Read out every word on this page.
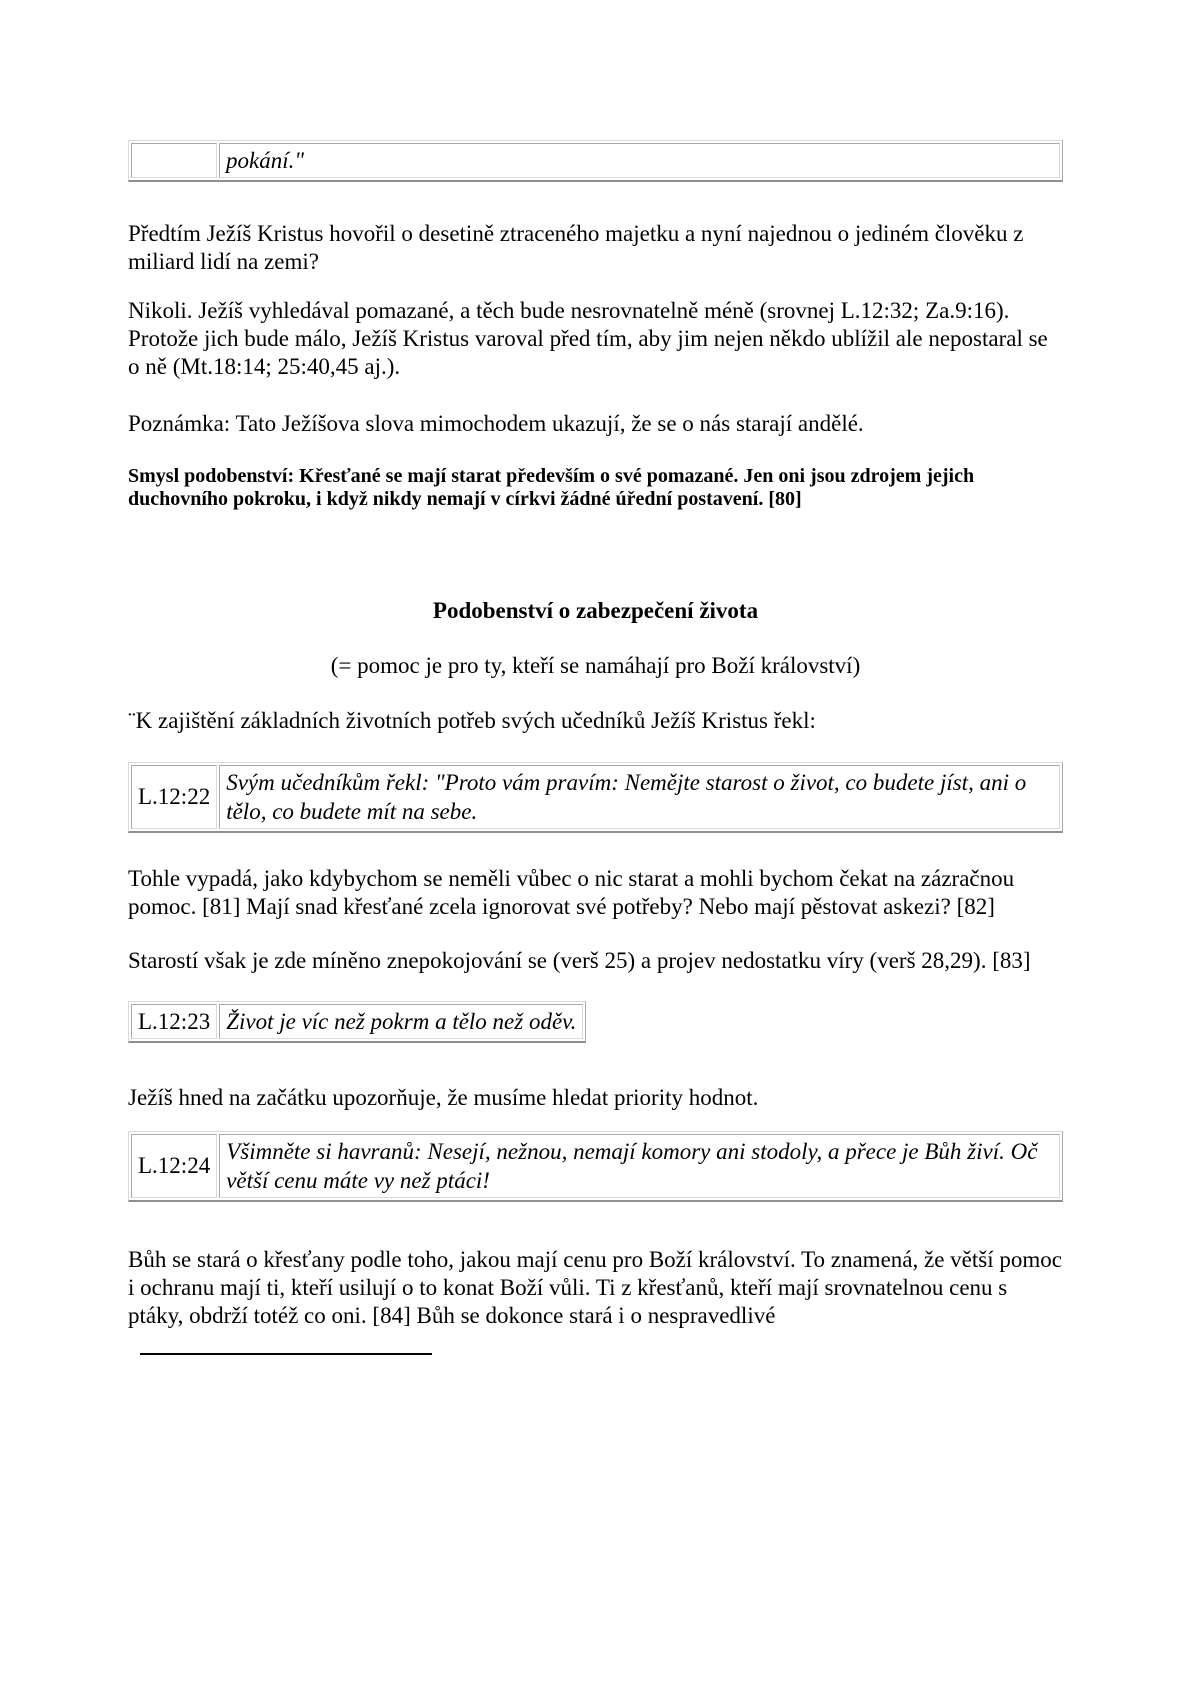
	pokání."

Předtím Ježíš Kristus hovořil o desetině ztraceného majetku a nyní najednou o jediném člověku z miliard lidí na zemi?

Nikoli. Ježíš vyhledával pomazané, a těch bude nesrovnatelně méně (srovnej L.12:32; Za.9:16). Protože jich bude málo, Ježíš Kristus varoval před tím, aby jim nejen někdo ublížil ale nepostaral se o ně (Mt.18:14; 25:40,45 aj.).

Poznámka: Tato Ježíšova slova mimochodem ukazují, že se o nás starají andělé.

Smysl podobenství: Křesťané se mají starat především o své pomazané. Jen oni jsou zdrojem jejich duchovního pokroku, i když nikdy nemají v církvi žádné úřední postavení. [80]

Podobenství o zabezpečení života

(= pomoc je pro ty, kteří se namáhají pro Boží království)

¨K zajištění základních životních potřeb svých učedníků Ježíš Kristus řekl:

L.12:22	Svým učedníkům řekl: "Proto vám pravím: Nemějte starost o život, co budete jíst, ani o tělo, co budete mít na sebe.

Tohle vypadá, jako kdybychom se neměli vůbec o nic starat a mohli bychom čekat na zázračnou pomoc. [81] Mají snad křesťané zcela ignorovat své potřeby? Nebo mají pěstovat askezi? [82]

Starostí však je zde míněno znepokojování se (verš 25) a projev nedostatku víry (verš 28,29). [83]

L.12:23	Život je víc než pokrm a tělo než oděv.

Ježíš hned na začátku upozorňuje, že musíme hledat priority hodnot.

L.12:24	Všimněte si havranů: Nesejí, nežnou, nemají komory ani stodoly, a přece je Bůh živí. Oč větší cenu máte vy než ptáci!

Bůh se stará o křesťany podle toho, jakou mají cenu pro Boží království. To znamená, že větší pomoc i ochranu mají ti, kteří usilují o to konat Boží vůli. Ti z křesťanů, kteří mají srovnatelnou cenu s ptáky, obdrží totéž co oni. [84] Bůh se dokonce stará i o nespravedlivé
